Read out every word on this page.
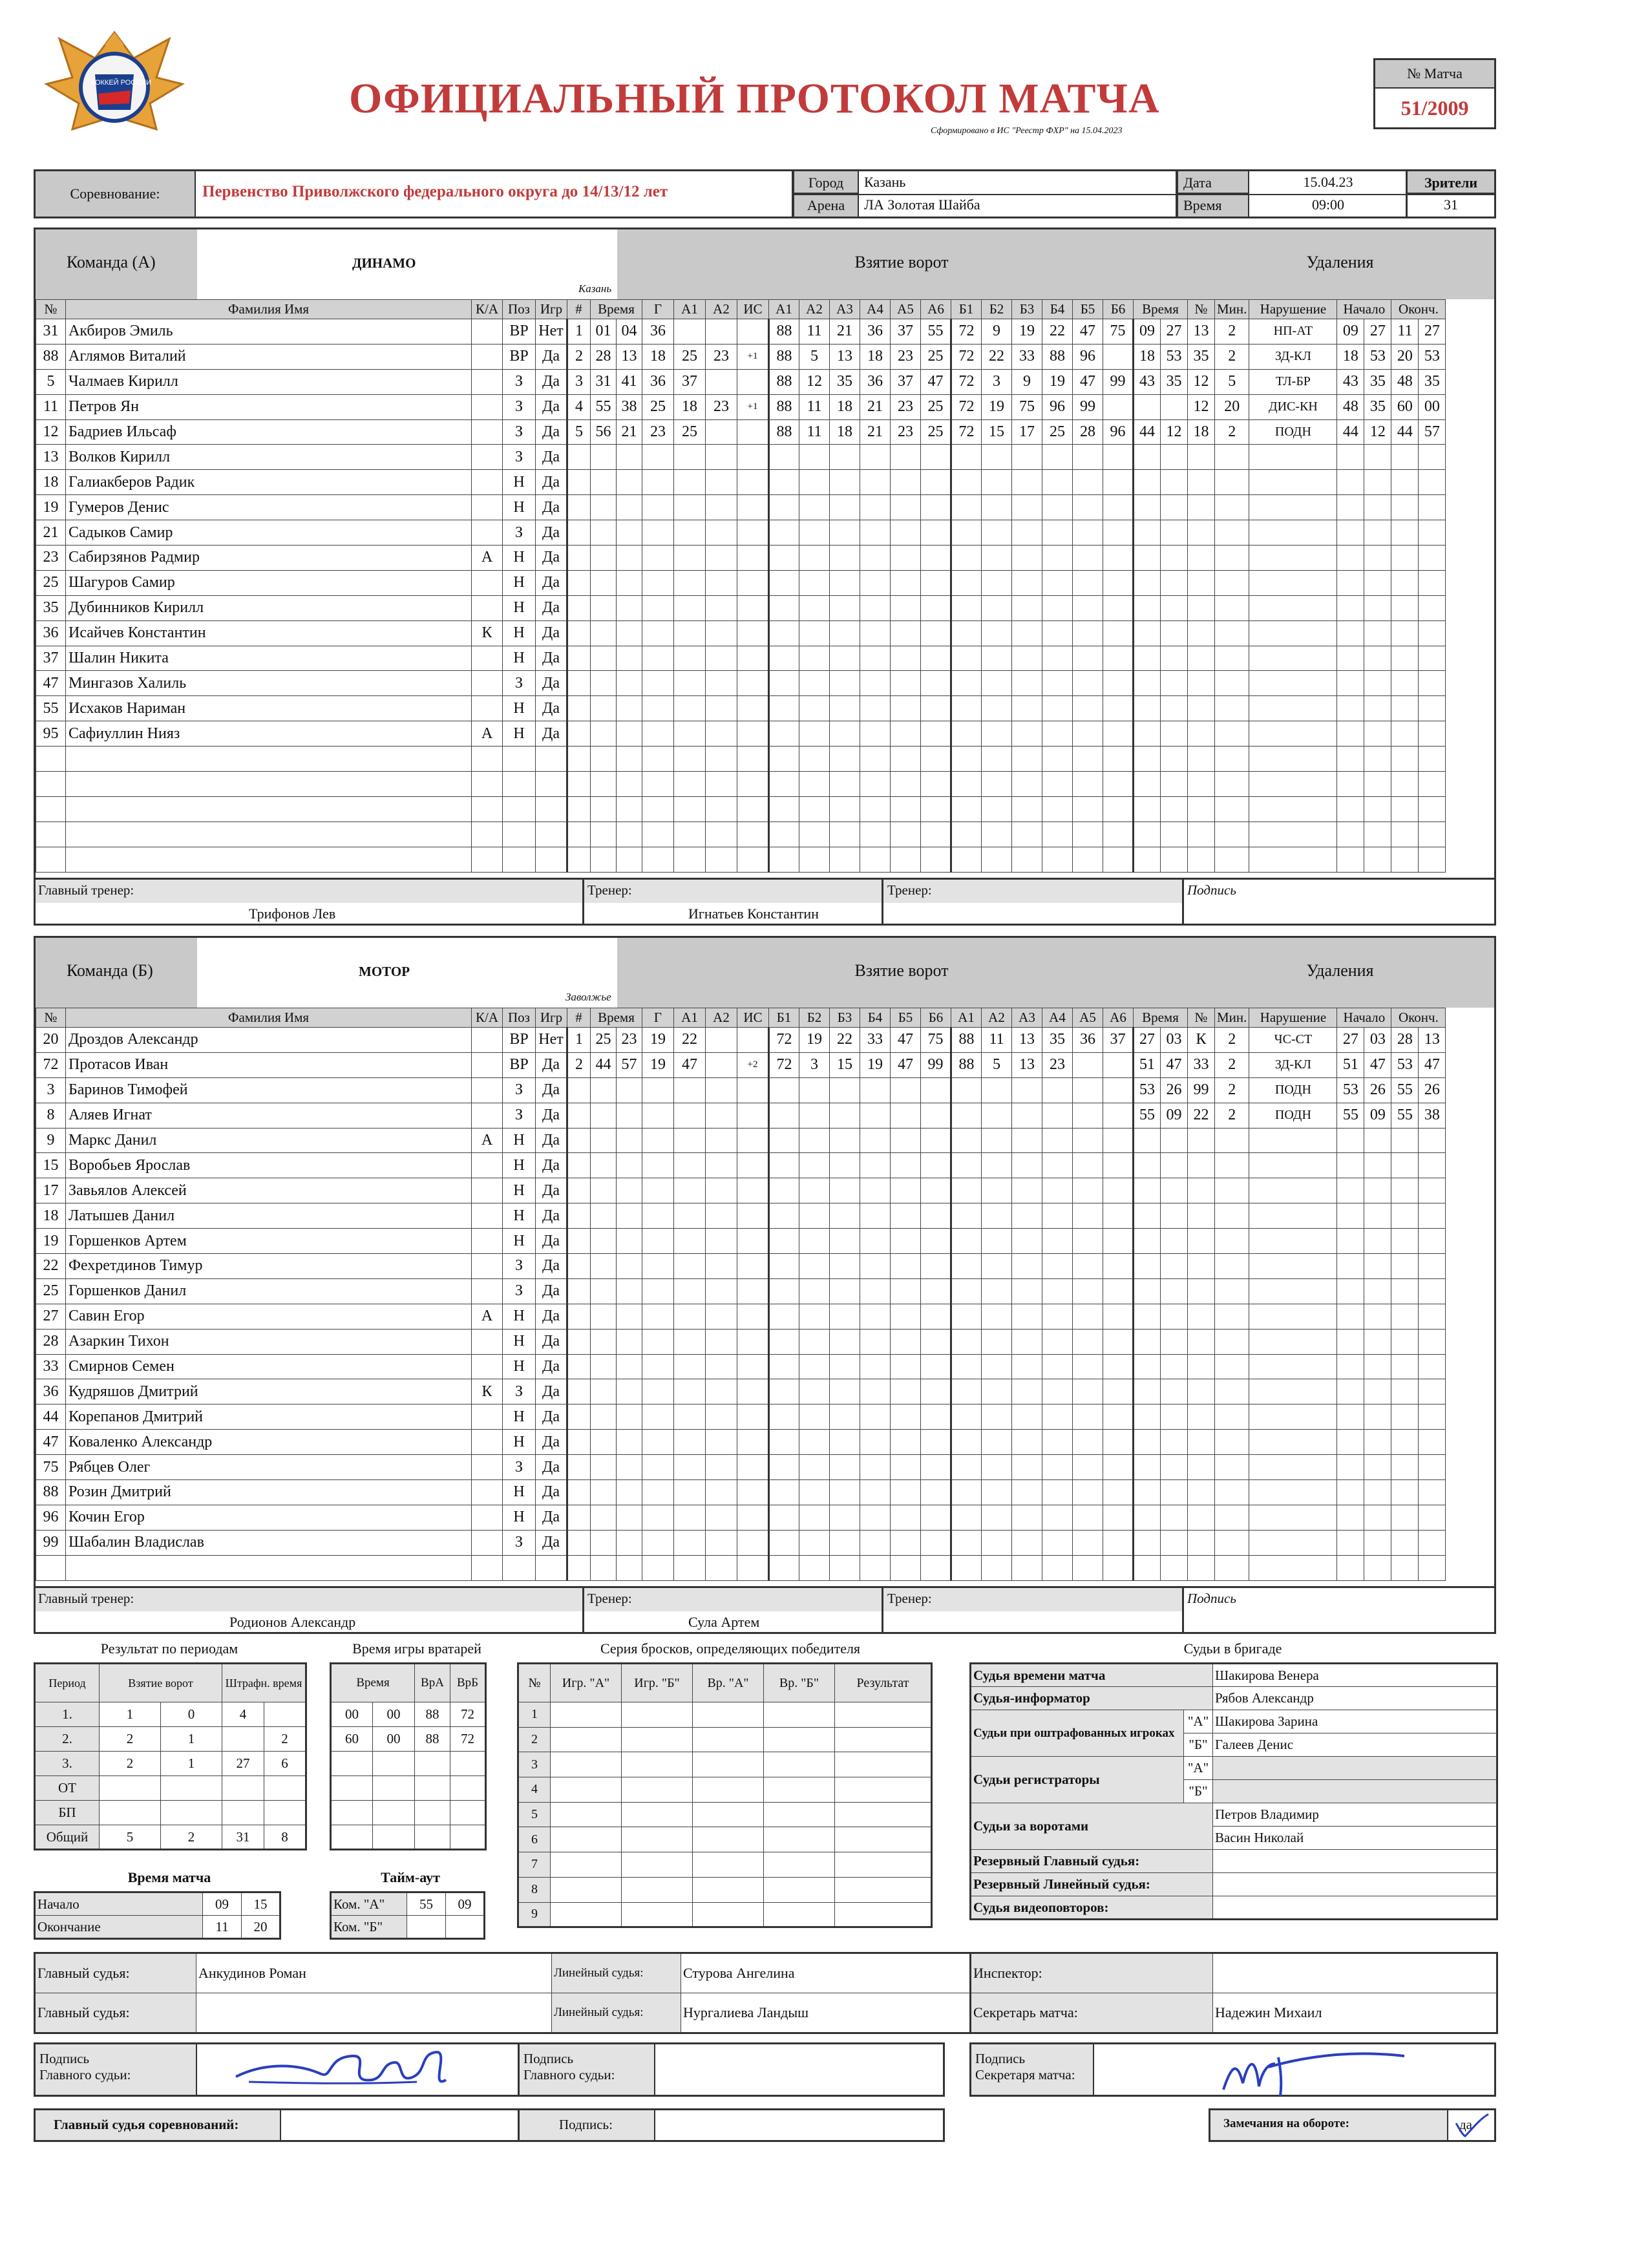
ХОККЕЙ РОССИИ	ОФИЦИАЛЬНЫЙ ПРОТОКОЛ МАТЧА
Сформировано в ИС "Реестр ФХР" на 15.04.2023
№ Матча
51/2009
Соревнование:	Первенство Приволжского федерального округа до 14/13/12 лет
Город	Казань
Арена	ЛА Золотая Шайба
Дата	15.04.23
Время	09:00
Зрители
31
Команда (А)	ДИНАМО
Казань
Взятие ворот	Удаления
№	Фамилия Имя	К/А	Поз	Игр	#	Время		Г	А1	А2	ИС	А1	А2	А3	А4	А5	А6	Б1	Б2	Б3	Б4	Б5	Б6	Время		№	Мин.	Нарушение	Начало		Оконч.	
31	Акбиров Эмиль		ВР	Нет	1	01	04	36				88	11	21	36	37	55	72	9	19	22	47	75	09	27	13	2	НП-АТ	09	27	11	27
88	Аглямов Виталий		ВР	Да	2	28	13	18	25	23	+1	88	5	13	18	23	25	72	22	33	88	96		18	53	35	2	ЗД-КЛ	18	53	20	53
5	Чалмаев Кирилл		З	Да	3	31	41	36	37			88	12	35	36	37	47	72	3	9	19	47	99	43	35	12	5	ТЛ-БР	43	35	48	35
11	Петров Ян		З	Да	4	55	38	25	18	23	+1	88	11	18	21	23	25	72	19	75	96	99				12	20	ДИС-КН	48	35	60	00
12	Бадриев Ильсаф		З	Да	5	56	21	23	25			88	11	18	21	23	25	72	15	17	25	28	96	44	12	18	2	ПОДН	44	12	44	57
13	Волков Кирилл		З	Да																												
18	Галиакберов Радик		Н	Да																												
19	Гумеров Денис		Н	Да																												
21	Садыков Самир		З	Да																												
23	Сабирзянов Радмир	А	Н	Да																												
25	Шагуров Самир		Н	Да																												
35	Дубинников Кирилл		Н	Да																												
36	Исайчев Константин	К	Н	Да																												
37	Шалин Никита		Н	Да																												
47	Мингазов Халиль		З	Да																												
55	Исхаков Нариман		Н	Да																												
95	Сафиуллин Нияз	А	Н	Да																												

Главный тренер:
Трифонов Лев
Тренер:
Игнатьев Константин
Тренер:	Подпись
Команда (Б)	МОТОР
Заволжье
Взятие ворот	Удаления
№	Фамилия Имя	К/А	Поз	Игр	#	Время		Г	А1	А2	ИС	Б1	Б2	Б3	Б4	Б5	Б6	А1	А2	А3	А4	А5	А6	Время		№	Мин.	Нарушение	Начало		Оконч.	
20	Дроздов Александр		ВР	Нет	1	25	23	19	22			72	19	22	33	47	75	88	11	13	35	36	37	27	03	К	2	ЧС-СТ	27	03	28	13
72	Протасов Иван		ВР	Да	2	44	57	19	47		+2	72	3	15	19	47	99	88	5	13	23			51	47	33	2	ЗД-КЛ	51	47	53	47
3	Баринов Тимофей		З	Да																				53	26	99	2	ПОДН	53	26	55	26
8	Аляев Игнат		З	Да																				55	09	22	2	ПОДН	55	09	55	38
9	Маркс Данил	А	Н	Да																												
15	Воробьев Ярослав		Н	Да																												
17	Завьялов Алексей		Н	Да																												
18	Латышев Данил		Н	Да																												
19	Горшенков Артем		Н	Да																												
22	Фехретдинов Тимур		З	Да																												
25	Горшенков Данил		З	Да																												
27	Савин Егор	А	Н	Да																												
28	Азаркин Тихон		Н	Да																												
33	Смирнов Семен		Н	Да																												
36	Кудряшов Дмитрий	К	З	Да																												
44	Корепанов Дмитрий		Н	Да																												
47	Коваленко Александр		Н	Да																												
75	Рябцев Олег		З	Да																												
88	Розин Дмитрий		Н	Да																												
96	Кочин Егор		Н	Да																												
99	Шабалин Владислав		З	Да																												

Главный тренер:
Родионов Александр
Тренер:
Сула Артем
Тренер:	Подпись
Результат по периодам
Период	Взятие ворот		Штрафн. время	
1.	1	0	4	
2.	2	1		2
3.	2	1	27	6
ОТ				
БП				
Общий	5	2	31	8
Время игры вратарей
Время		ВрА	ВрБ
00	00	88	72
60	00	88	72

Время матча
Начало	09	15
Окончание	11	20
Тайм-аут
Ком. "А"	55	09
Ком. "Б"		
Серия бросков, определяющих победителя
№	Игр. "А"	Игр. "Б"	Вр. "А"	Вр. "Б"	Результат
1					
2					
3					
4					
5					
6					
7					
8					
9					
Судьи в бригаде
Судья времени матча		Шакирова Венера
Судья-информатор		Рябов Александр
Судьи при оштрафованных игроках	"А"	Шакирова Зарина
	"Б"	Галеев Денис
Судьи регистраторы	"А"	
	"Б"	
Судьи за воротами		Петров Владимир
		Васин Николай
Резервный Главный судья:		
Резервный Линейный судья:		
Судья видеоповторов:		
Главный судья:	Анкудинов Роман	Линейный судья:	Стурова Ангелина
Главный судья:		Линейный судья:	Нургалиева Ландыш
Инспектор:	
Секретарь матча:	Надежин Михаил
Подпись
Главного судьи:
Подпись
Главного судьи:
Подпись
Секретаря матча:
Главный судья соревнований:	Подпись:	Замечания на обороте:	да
